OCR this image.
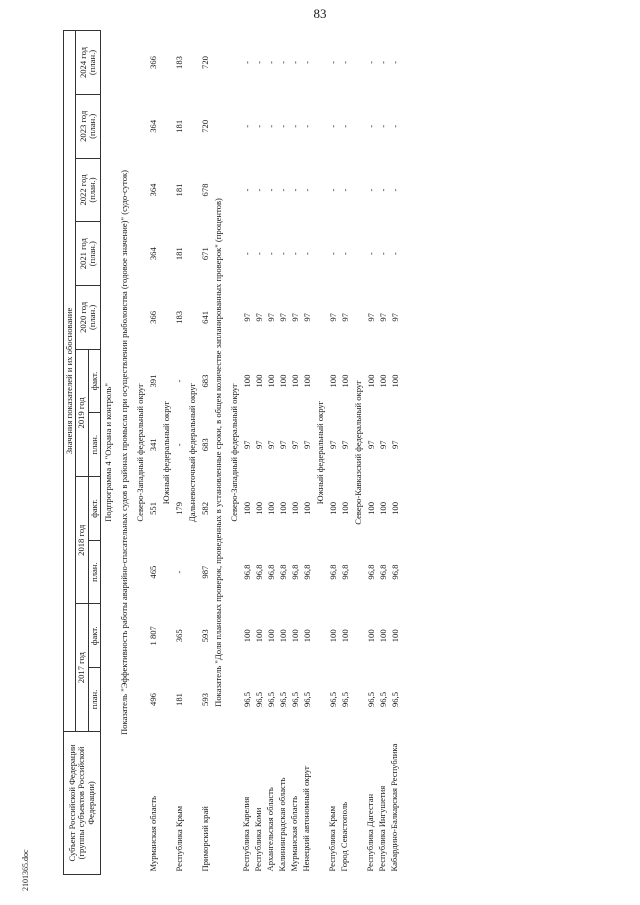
83
Субъект Российской Федерации (группы субъектов Российской Федерации)	Значения показателей и их обоснование										
	2017 год		2018 год		2019 год		2020 год (план.)	2021 год (план.)	2022 год (план.)	2023 год (план.)	2024 год (план.)
	план.	факт.	план.	факт.	план.	факт.					
Подпрограмма 4 "Охрана и контроль"											
Показатель "Эффективность работы аварийно-спасательных судов в районах промысла при осуществлении рыболовства (годовое значение)" (судо-суток)											
Северо-Западный федеральный округ											
Мурманская область	496	1 807	465	551	341	391	366	364	364	364	366
Южный федеральный округ											
Республика Крым	181	365	-	179	-	-	183	181	181	181	183
Дальневосточный федеральный округ											
Приморский край	593	593	987	582	683	683	641	671	678	720	720
Показатель "Доля плановых проверок, проведенных в установленные сроки, в общем количестве запланированных проверок" (процентов)											
Северо-Западный федеральный округ											
Республика Карелия	96,5	100	96,8	100	97	100	97	-	-	-	-
Республика Коми	96,5	100	96,8	100	97	100	97	-	-	-	-
Архангельская область	96,5	100	96,8	100	97	100	97	-	-	-	-
Калининградская область	96,5	100	96,8	100	97	100	97	-	-	-	-
Мурманская область	96,5	100	96,8	100	97	100	97	-	-	-	-
Ненецкий автономный округ	96,5	100	96,8	100	97	100	97	-	-	-	-
Южный федеральный округ											
Республика Крым	96,5	100	96,8	100	97	100	97	-	-	-	-
Город Севастополь	96,5	100	96,8	100	97	100	97	-	-	-	-
Северо-Кавказский федеральный округ											
Республика Дагестан	96,5	100	96,8	100	97	100	97	-	-	-	-
Республика Ингушетия	96,5	100	96,8	100	97	100	97	-	-	-	-
Кабардино-Балкарская Республика	96,5	100	96,8	100	97	100	97	-	-	-	-
2101365.doc
